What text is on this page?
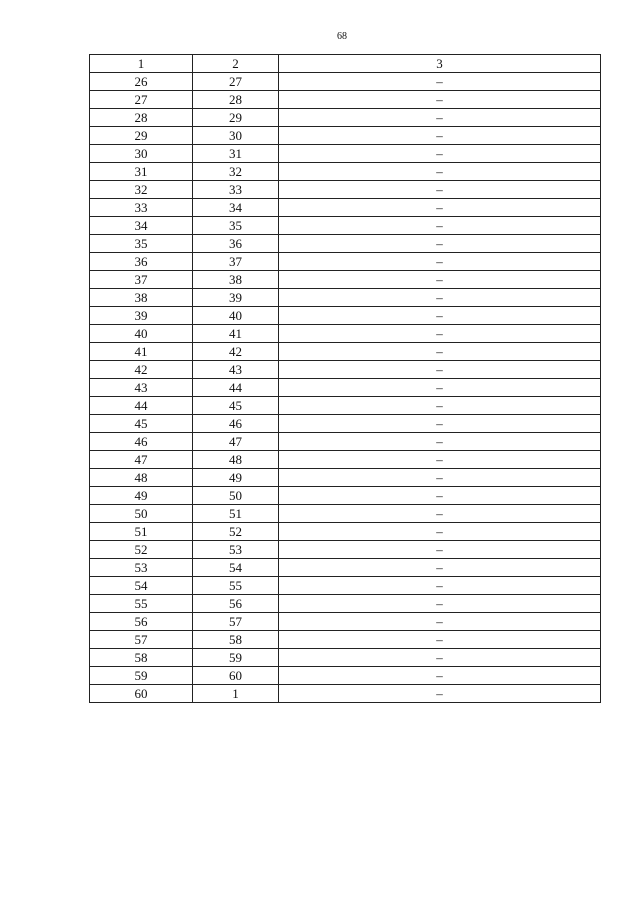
68
1	2	3
26	27	–
27	28	–
28	29	–
29	30	–
30	31	–
31	32	–
32	33	–
33	34	–
34	35	–
35	36	–
36	37	–
37	38	–
38	39	–
39	40	–
40	41	–
41	42	–
42	43	–
43	44	–
44	45	–
45	46	–
46	47	–
47	48	–
48	49	–
49	50	–
50	51	–
51	52	–
52	53	–
53	54	–
54	55	–
55	56	–
56	57	–
57	58	–
58	59	–
59	60	–
60	1	–
